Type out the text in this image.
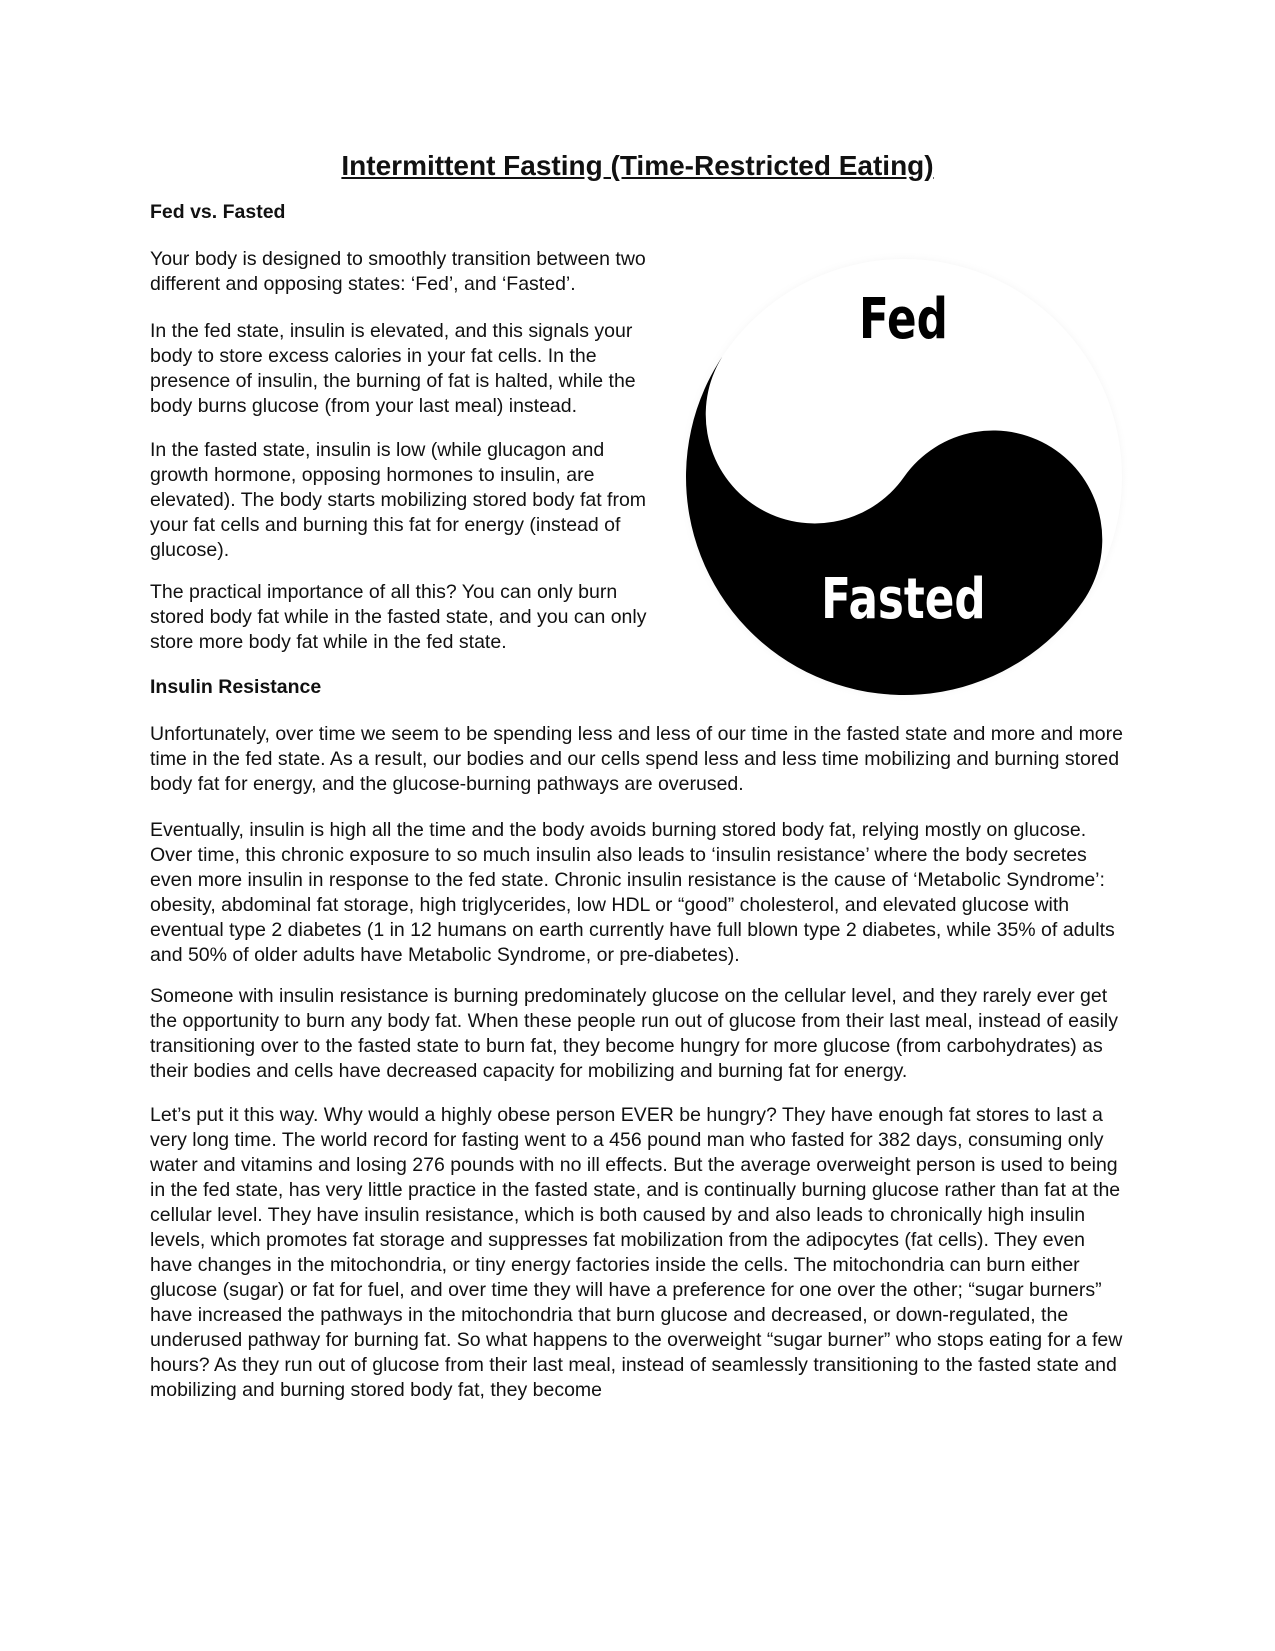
Intermittent Fasting (Time-Restricted Eating)
Fed vs. Fasted

Your body is designed to smoothly transition between two different and opposing states: ‘Fed’, and ‘Fasted’.

In the fed state, insulin is elevated, and this signals your body to store excess calories in your fat cells. In the presence of insulin, the burning of fat is halted, while the body burns glucose (from your last meal) instead.

In the fasted state, insulin is low (while glucagon and growth hormone, opposing hormones to insulin, are elevated). The body starts mobilizing stored body fat from your fat cells and burning this fat for energy (instead of glucose).

The practical importance of all this? You can only burn stored body fat while in the fasted state, and you can only store more body fat while in the fed state.

Fed
Fasted
Insulin Resistance

Unfortunately, over time we seem to be spending less and less of our time in the fasted state and more and more time in the fed state. As a result, our bodies and our cells spend less and less time mobilizing and burning stored body fat for energy, and the glucose-burning pathways are overused.

Eventually, insulin is high all the time and the body avoids burning stored body fat, relying mostly on glucose. Over time, this chronic exposure to so much insulin also leads to ‘insulin resistance’ where the body secretes even more insulin in response to the fed state. Chronic insulin resistance is the cause of ‘Metabolic Syndrome’: obesity, abdominal fat storage, high triglycerides, low HDL or “good” cholesterol, and elevated glucose with eventual type 2 diabetes (1 in 12 humans on earth currently have full blown type 2 diabetes, while 35% of adults and 50% of older adults have Metabolic Syndrome, or pre-diabetes).

Someone with insulin resistance is burning predominately glucose on the cellular level, and they rarely ever get the opportunity to burn any body fat. When these people run out of glucose from their last meal, instead of easily transitioning over to the fasted state to burn fat, they become hungry for more glucose (from carbohydrates) as their bodies and cells have decreased capacity for mobilizing and burning fat for energy.

Let’s put it this way. Why would a highly obese person EVER be hungry? They have enough fat stores to last a very long time. The world record for fasting went to a 456 pound man who fasted for 382 days, consuming only water and vitamins and losing 276 pounds with no ill effects. But the average overweight person is used to being in the fed state, has very little practice in the fasted state, and is continually burning glucose rather than fat at the cellular level. They have insulin resistance, which is both caused by and also leads to chronically high insulin levels, which promotes fat storage and suppresses fat mobilization from the adipocytes (fat cells). They even have changes in the mitochondria, or tiny energy factories inside the cells. The mitochondria can burn either glucose (sugar) or fat for fuel, and over time they will have a preference for one over the other; “sugar burners” have increased the pathways in the mitochondria that burn glucose and decreased, or down-regulated, the underused pathway for burning fat. So what happens to the overweight “sugar burner” who stops eating for a few hours? As they run out of glucose from their last meal, instead of seamlessly transitioning to the fasted state and mobilizing and burning stored body fat, they become
